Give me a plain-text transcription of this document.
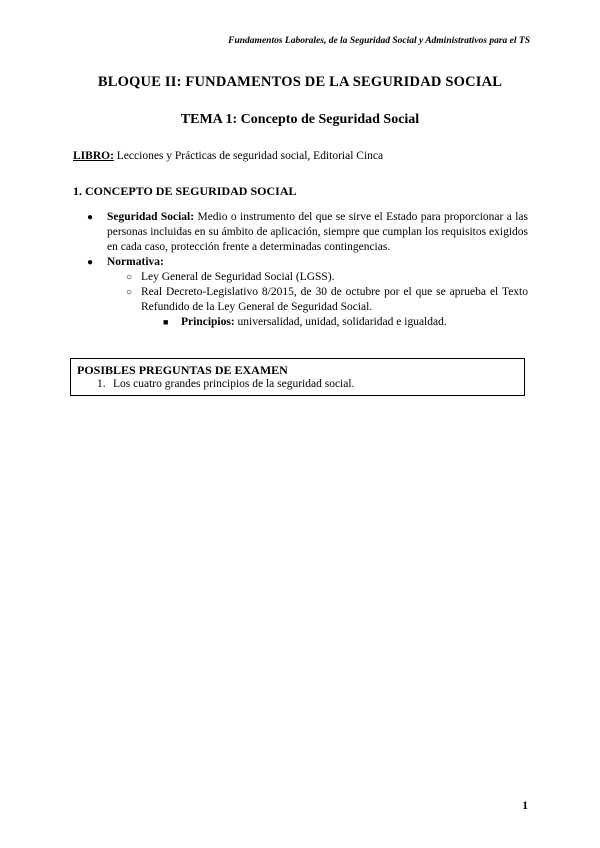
Fundamentos Laborales, de la Seguridad Social y Administrativos para el TS
BLOQUE II: FUNDAMENTOS DE LA SEGURIDAD SOCIAL
TEMA 1: Concepto de Seguridad Social
LIBRO: Lecciones y Prácticas de seguridad social, Editorial Cinca
1. CONCEPTO DE SEGURIDAD SOCIAL
● Seguridad Social: Medio o instrumento del que se sirve el Estado para proporcionar a las personas incluidas en su ámbito de aplicación, siempre que cumplan los requisitos exigidos en cada caso, protección frente a determinadas contingencias.
● Normativa:
○ Ley General de Seguridad Social (LGSS).
○ Real Decreto-Legislativo 8/2015, de 30 de octubre por el que se aprueba el Texto Refundido de la Ley General de Seguridad Social.
■ Principios: universalidad, unidad, solidaridad e igualdad.
POSIBLES PREGUNTAS DE EXAMEN
1. Los cuatro grandes principios de la seguridad social.
1
